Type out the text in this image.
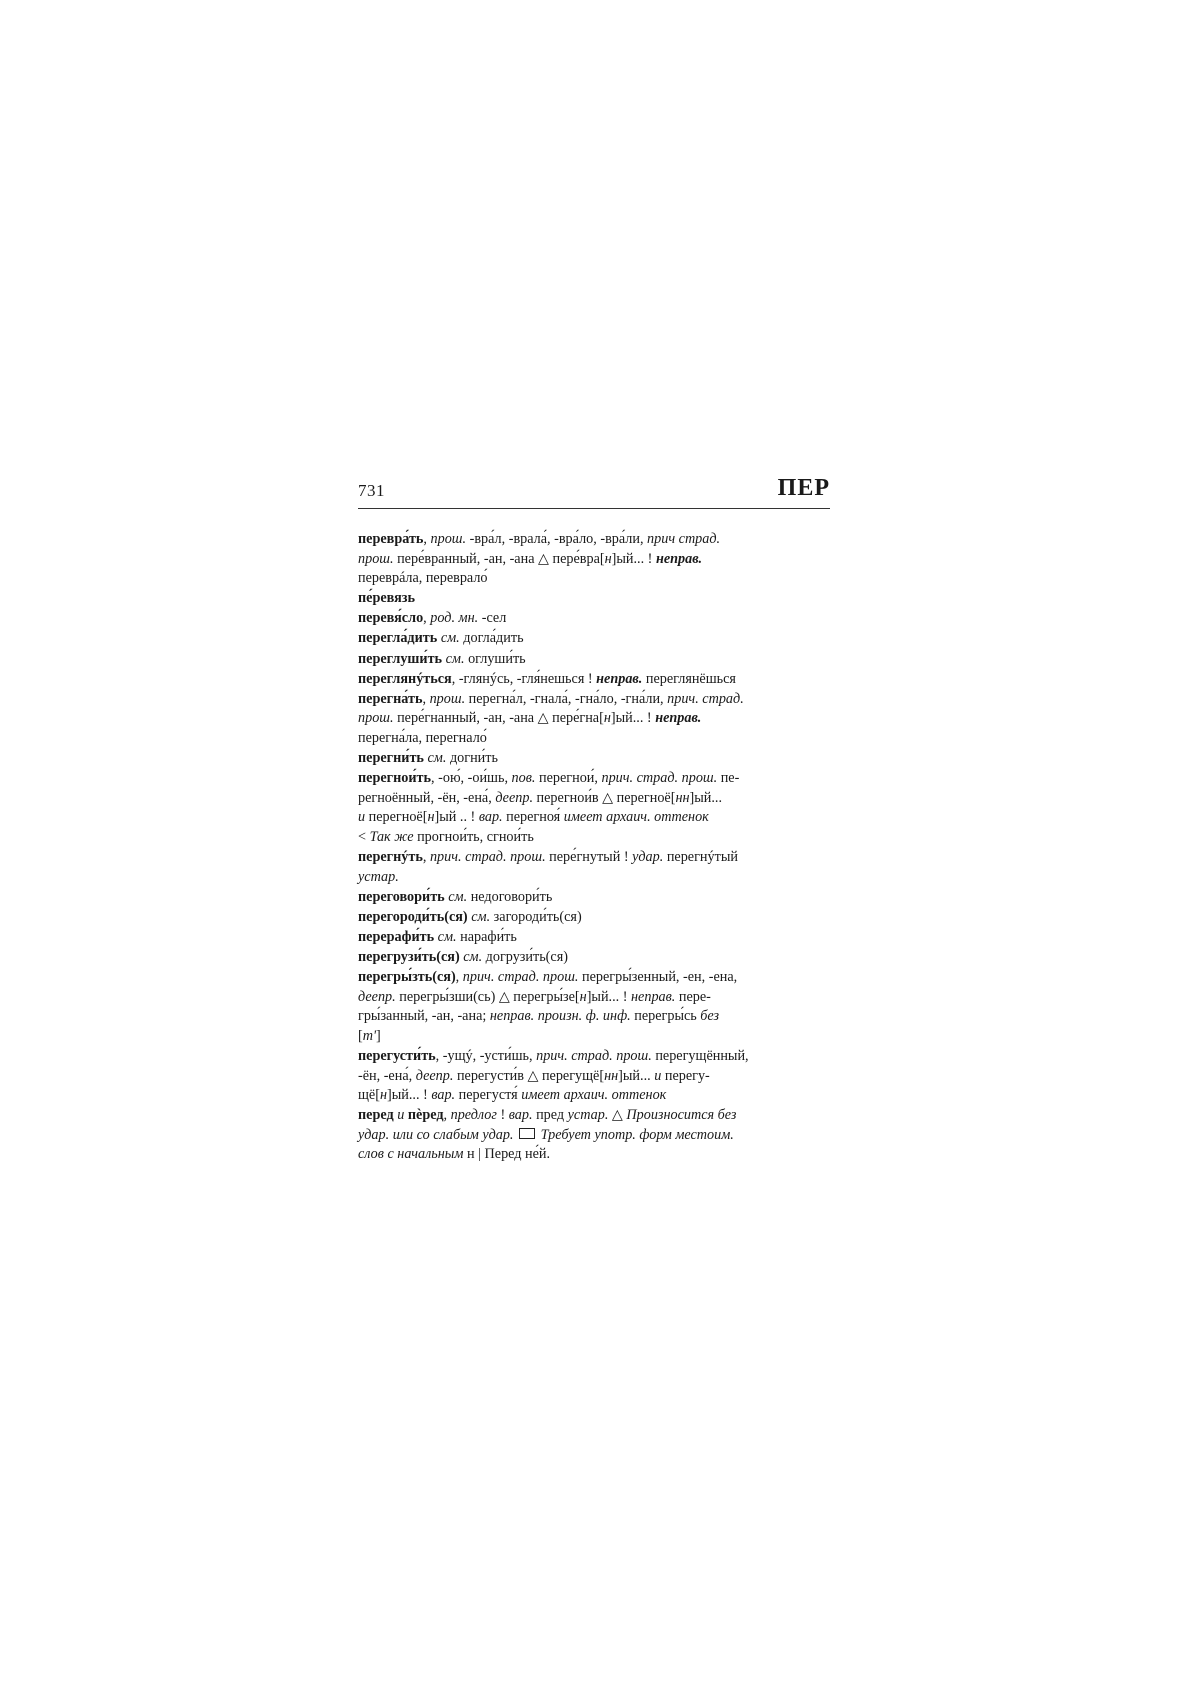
731	ПЕР
перевра́ть, прош. -вра́л, -врала́, -вра́ло, -вра́ли, прич страд.
прош. пере́вранный, -ан, -ана △ пере́вра[н]ый... ! неправ.
переврáла, переврало́
пе́ревязь
перевя́сло, род. мн. -сел
перегла́дить см. догла́дить
переглуши́ть см. оглуши́ть
переглянýться, -глянýсь, -гля́нешься ! неправ. переглянёшься
перегна́ть, прош. перегна́л, -гнала́, -гна́ло, -гна́ли, прич. страд.
прош. пере́гнанный, -ан, -ана △ пере́гна[н]ый... ! неправ.
перегна́ла, перегнало́
перегни́ть см. догни́ть
перегнои́ть, -ою́, -ои́шь, пов. перегнои́, прич. страд. прош. пе-
регноённый, -ён, -ена́, деепр. перегнои́в △ перегноё[нн]ый...
и перегноё[н]ый .. ! вар. перегноя́ имеет архаич. оттенок
< Так же прогнои́ть, сгнои́ть
перегнýть, прич. страд. прош. пере́гнутый ! удар. перегнýтый
устар.
переговори́ть см. недоговори́ть
перегороди́ть(ся) см. загороди́ть(ся)
перерафи́ть см. нарафи́ть
перегрузи́ть(ся) см. догрузи́ть(ся)
перегры́зть(ся), прич. страд. прош. перегры́зенный, -ен, -ена,
деепр. перегры́зши(сь) △ перегры́зе[н]ый... ! неправ. пере-
гры́занный, -ан, -ана; неправ. произн. ф. инф. перегры́сь без
[т']
перегусти́ть, -ущý, -усти́шь, прич. страд. прош. перегущённый,
-ён, -ена́, деепр. перегусти́в △ перегущё[нн]ый... и перегу-
щё[н]ый... ! вар. перегустя́ имеет архаич. оттенок
перед и пѐред, предлог ! вар. пред устар. △ Произносится без
удар. или со слабым удар. Требует употр. форм местоим.
слов с начальным н | Перед не́й.
